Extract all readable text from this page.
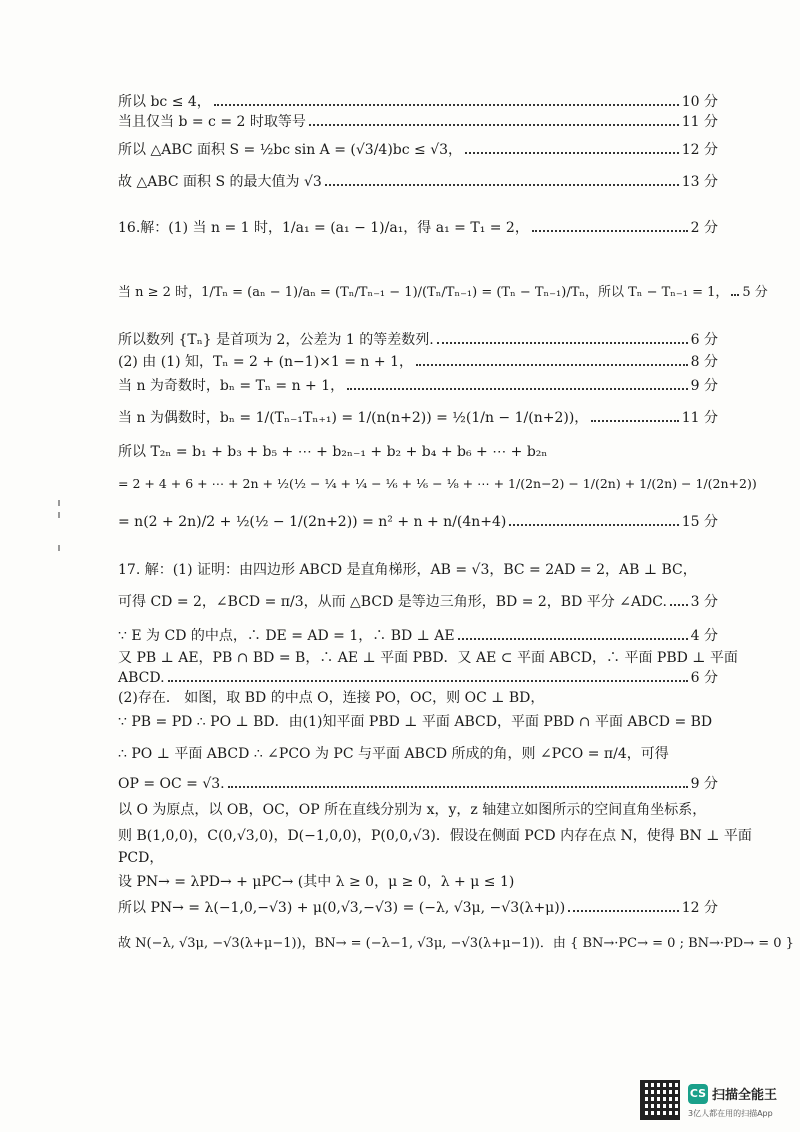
所以 bc ≤ 4，	10 分
当且仅当 b = c = 2 时取等号	11 分
所以 △ABC 面积 S = ½bc sin A = (√3/4)bc ≤ √3，	12 分
故 △ABC 面积 S 的最大值为 √3	13 分
16.解：(1) 当 n = 1 时，1/a₁ = (a₁ − 1)/a₁，得 a₁ = T₁ = 2，	2 分
当 n ≥ 2 时，1/Tₙ = (aₙ − 1)/aₙ = (Tₙ/Tₙ₋₁ − 1)/(Tₙ/Tₙ₋₁) = (Tₙ − Tₙ₋₁)/Tₙ，所以 Tₙ − Tₙ₋₁ = 1， 5 分
所以数列 {Tₙ} 是首项为 2，公差为 1 的等差数列.	6 分
(2) 由 (1) 知，Tₙ = 2 + (n−1)×1 = n + 1，	8 分
当 n 为奇数时，bₙ = Tₙ = n + 1，	9 分
当 n 为偶数时，bₙ = 1/(Tₙ₋₁Tₙ₊₁) = 1/(n(n+2)) = ½(1/n − 1/(n+2))，	11 分
所以 T₂ₙ = b₁ + b₃ + b₅ + ⋯ + b₂ₙ₋₁ + b₂ + b₄ + b₆ + ⋯ + b₂ₙ
= 2 + 4 + 6 + ⋯ + 2n + ½(½ − ¼ + ¼ − ⅙ + ⅙ − ⅛ + ⋯ + 1/(2n−2) − 1/(2n) + 1/(2n) − 1/(2n+2))
= n(2 + 2n)/2 + ½(½ − 1/(2n+2)) = n² + n + n/(4n+4)	15 分
17. 解：(1) 证明：由四边形 ABCD 是直角梯形，AB = √3，BC = 2AD = 2，AB ⊥ BC，
可得 CD = 2，∠BCD = π/3，从而 △BCD 是等边三角形，BD = 2，BD 平分 ∠ADC. 3 分
∵ E 为 CD 的中点，∴ DE = AD = 1，∴ BD ⊥ AE	4 分
又 PB ⊥ AE，PB ∩ BD = B，∴ AE ⊥ 平面 PBD．又 AE ⊂ 平面 ABCD，∴ 平面 PBD ⊥ 平面
ABCD.	6 分
(2)存在． 如图，取 BD 的中点 O，连接 PO，OC，则 OC ⊥ BD，
∵ PB = PD ∴ PO ⊥ BD．由(1)知平面 PBD ⊥ 平面 ABCD，平面 PBD ∩ 平面 ABCD = BD
∴ PO ⊥ 平面 ABCD ∴ ∠PCO 为 PC 与平面 ABCD 所成的角，则 ∠PCO = π/4，可得
OP = OC = √3.	9 分
以 O 为原点，以 OB，OC，OP 所在直线分别为 x，y，z 轴建立如图所示的空间直角坐标系，
则 B(1,0,0)，C(0,√3,0)，D(−1,0,0)，P(0,0,√3)．假设在侧面 PCD 内存在点 N，使得 BN ⊥ 平面
PCD，
设 PN→ = λPD→ + μPC→ (其中 λ ≥ 0，μ ≥ 0，λ + μ ≤ 1)
所以 PN→ = λ(−1,0,−√3) + μ(0,√3,−√3) = (−λ, √3μ, −√3(λ+μ))	12 分
故 N(−λ, √3μ, −√3(λ+μ−1))，BN→ = (−λ−1, √3μ, −√3(λ+μ−1))．由 { BN→·PC→ = 0 ; BN→·PD→ = 0 }
CS 扫描全能王
3亿人都在用的扫描App
